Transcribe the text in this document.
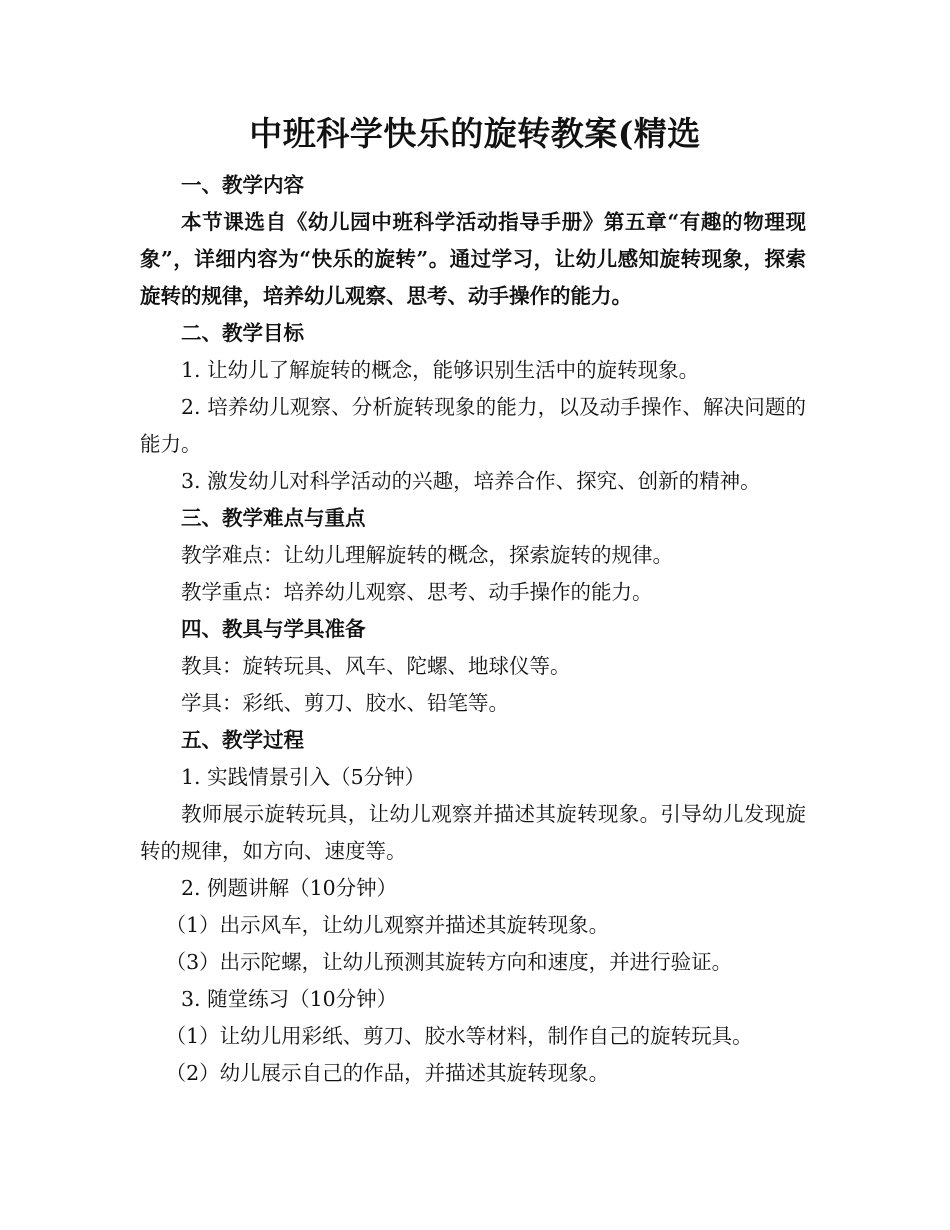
中班科学快乐的旋转教案(精选

一、教学内容

本节课选自《幼儿园中班科学活动指导手册》第五章“有趣的物理现象”，详细内容为“快乐的旋转”。通过学习，让幼儿感知旋转现象，探索旋转的规律，培养幼儿观察、思考、动手操作的能力。

二、教学目标

1. 让幼儿了解旋转的概念，能够识别生活中的旋转现象。

2. 培养幼儿观察、分析旋转现象的能力，以及动手操作、解决问题的能力。

3. 激发幼儿对科学活动的兴趣，培养合作、探究、创新的精神。

三、教学难点与重点

教学难点：让幼儿理解旋转的概念，探索旋转的规律。

教学重点：培养幼儿观察、思考、动手操作的能力。

四、教具与学具准备

教具：旋转玩具、风车、陀螺、地球仪等。

学具：彩纸、剪刀、胶水、铅笔等。

五、教学过程

1. 实践情景引入（5分钟）

教师展示旋转玩具，让幼儿观察并描述其旋转现象。引导幼儿发现旋转的规律，如方向、速度等。

2. 例题讲解（10分钟）

（1）出示风车，让幼儿观察并描述其旋转现象。

（3）出示陀螺，让幼儿预测其旋转方向和速度，并进行验证。

3. 随堂练习（10分钟）

（1）让幼儿用彩纸、剪刀、胶水等材料，制作自己的旋转玩具。

（2）幼儿展示自己的作品，并描述其旋转现象。
